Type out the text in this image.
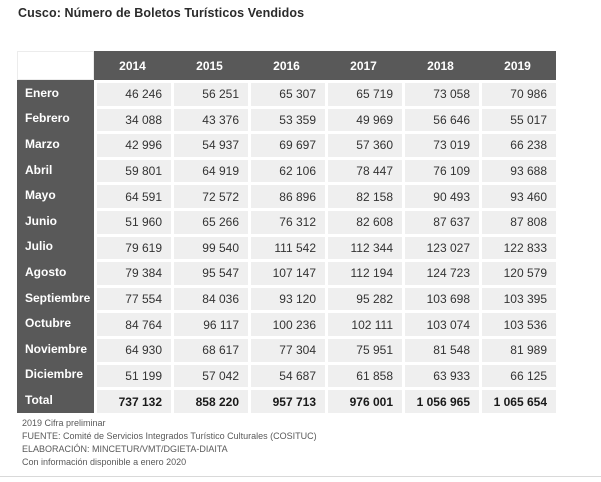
Cusco: Número de Boletos Turísticos Vendidos
2014	2015	2016	2017	2018	2019
Enero	46 246	56 251	65 307	65 719	73 058	70 986
Febrero	34 088	43 376	53 359	49 969	56 646	55 017
Marzo	42 996	54 937	69 697	57 360	73 019	66 238
Abril	59 801	64 919	62 106	78 447	76 109	93 688
Mayo	64 591	72 572	86 896	82 158	90 493	93 460
Junio	51 960	65 266	76 312	82 608	87 637	87 808
Julio	79 619	99 540	111 542	112 344	123 027	122 833
Agosto	79 384	95 547	107 147	112 194	124 723	120 579
Septiembre	77 554	84 036	93 120	95 282	103 698	103 395
Octubre	84 764	96 117	100 236	102 111	103 074	103 536
Noviembre	64 930	68 617	77 304	75 951	81 548	81 989
Diciembre	51 199	57 042	54 687	61 858	63 933	66 125
Total	737 132	858 220	957 713	976 001	1 056 965	1 065 654
2019 Cifra preliminar
FUENTE: Comité de Servicios Integrados Turístico Culturales (COSITUC)
ELABORACIÓN: MINCETUR/VMT/DGIETA-DIAITA
Con información disponible a enero 2020
